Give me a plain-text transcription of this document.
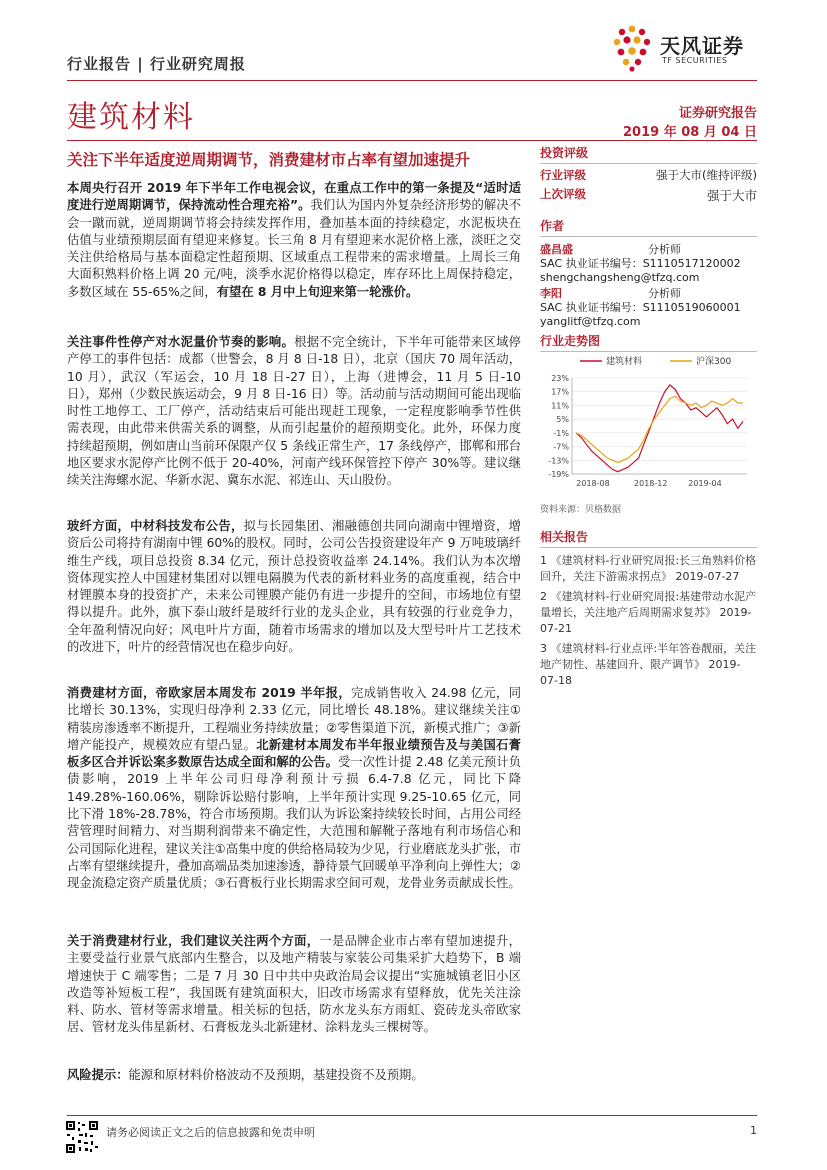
行业报告 | 行业研究周报
天风证券
TF SECURITIES
建筑材料	证券研究报告
2019 年 08 月 04 日
关注下半年适度逆周期调节，消费建材市占率有望加速提升

本周央行召开 2019 年下半年工作电视会议，在重点工作中的第一条提及“适时适度进行逆周期调节，保持流动性合理充裕”。我们认为国内外复杂经济形势的解决不会一蹴而就，逆周期调节将会持续发挥作用，叠加基本面的持续稳定，水泥板块在估值与业绩预期层面有望迎来修复。长三角 8 月有望迎来水泥价格上涨，淡旺之交关注供给格局与基本面稳定性超预期、区域重点工程带来的需求增量。上周长三角大面积熟料价格上调 20 元/吨，淡季水泥价格得以稳定，库存环比上周保持稳定，多数区域在 55-65%之间，有望在 8 月中上旬迎来第一轮涨价。

关注事件性停产对水泥量价节奏的影响。根据不完全统计，下半年可能带来区域停产停工的事件包括：成都（世警会，8 月 8 日-18 日），北京（国庆 70 周年活动，10 月），武汉（军运会，10 月 18 日-27 日），上海（进博会，11 月 5 日-10 日），郑州（少数民族运动会，9 月 8 日-16 日）等。活动前与活动期间可能出现临时性工地停工、工厂停产，活动结束后可能出现赶工现象，一定程度影响季节性供需表现，由此带来供需关系的调整，从而引起量价的超预期变化。此外，环保力度持续超预期，例如唐山当前环保限产仅 5 条线正常生产，17 条线停产，邯郸和邢台地区要求水泥停产比例不低于 20-40%，河南产线环保管控下停产 30%等。建议继续关注海螺水泥、华新水泥、冀东水泥、祁连山、天山股份。

玻纤方面，中材科技发布公告，拟与长园集团、湘融德创共同向湖南中锂增资，增资后公司将持有湖南中锂 60%的股权。同时，公司公告投资建设年产 9 万吨玻璃纤维生产线，项目总投资 8.34 亿元，预计总投资收益率 24.14%。我们认为本次增资体现实控人中国建材集团对以锂电隔膜为代表的新材料业务的高度重视，结合中材锂膜本身的投资扩产，未来公司锂膜产能仍有进一步提升的空间，市场地位有望得以提升。此外，旗下泰山玻纤是玻纤行业的龙头企业，具有较强的行业竞争力，全年盈利情况向好；风电叶片方面，随着市场需求的增加以及大型号叶片工艺技术的改进下，叶片的经营情况也在稳步向好。

消费建材方面，帝欧家居本周发布 2019 半年报，完成销售收入 24.98 亿元，同比增长 30.13%，实现归母净利 2.33 亿元，同比增长 48.18%。建议继续关注①精装房渗透率不断提升，工程端业务持续放量；②零售渠道下沉，新模式推广；③新增产能投产，规模效应有望凸显。北新建材本周发布半年报业绩预告及与美国石膏板多区合并诉讼案多数原告达成全面和解的公告。受一次性计提 2.48 亿美元预计负债影响，2019 上半年公司归母净利预计亏损 6.4-7.8 亿元，同比下降 149.28%-160.06%，剔除诉讼赔付影响，上半年预计实现 9.25-10.65 亿元，同比下滑 18%-28.78%，符合市场预期。我们认为诉讼案持续较长时间，占用公司经营管理时间精力、对当期利润带来不确定性，大范围和解靴子落地有利市场信心和公司国际化进程，建议关注①高集中度的供给格局较为少见，行业磨底龙头扩张，市占率有望继续提升，叠加高端品类加速渗透，静待景气回暖单平净利向上弹性大；②现金流稳定资产质量优质；③石膏板行业长期需求空间可观，龙骨业务贡献成长性。

关于消费建材行业，我们建议关注两个方面，一是品牌企业市占率有望加速提升，主要受益行业景气底部内生整合，以及地产精装与家装公司集采扩大趋势下，B 端增速快于 C 端零售；二是 7 月 30 日中共中央政治局会议提出“实施城镇老旧小区改造等补短板工程”，我国既有建筑面积大，旧改市场需求有望释放，优先关注涂料、防水、管材等需求增量。相关标的包括，防水龙头东方雨虹、瓷砖龙头帝欧家居、管材龙头伟星新材、石膏板龙头北新建材、涂料龙头三棵树等。

风险提示：能源和原材料价格波动不及预期，基建投资不及预期。

投资评级
行业评级	强于大市(维持评级)
上次评级	强于大市
作者
盛昌盛	分析师
SAC 执业证书编号：S1110517120002
shengchangsheng@tfzq.com
李阳	分析师
SAC 执业证书编号：S1110519060001
yanglitf@tfzq.com
行业走势图
建筑材料	沪深300
23%
17%
11%
5%
-1%
-7%
-13%
-19%
2018-08	2018-12	2019-04
资料来源：贝格数据
相关报告
1 《建筑材料-行业研究周报:长三角熟料价格回升，关注下游需求拐点》 2019-07-27
2 《建筑材料-行业研究周报:基建带动水泥产量增长，关注地产后周期需求复苏》 2019-07-21
3 《建筑材料-行业点评:半年答卷靓丽，关注地产韧性、基建回升、限产调节》 2019-07-18
请务必阅读正文之后的信息披露和免责申明	1
